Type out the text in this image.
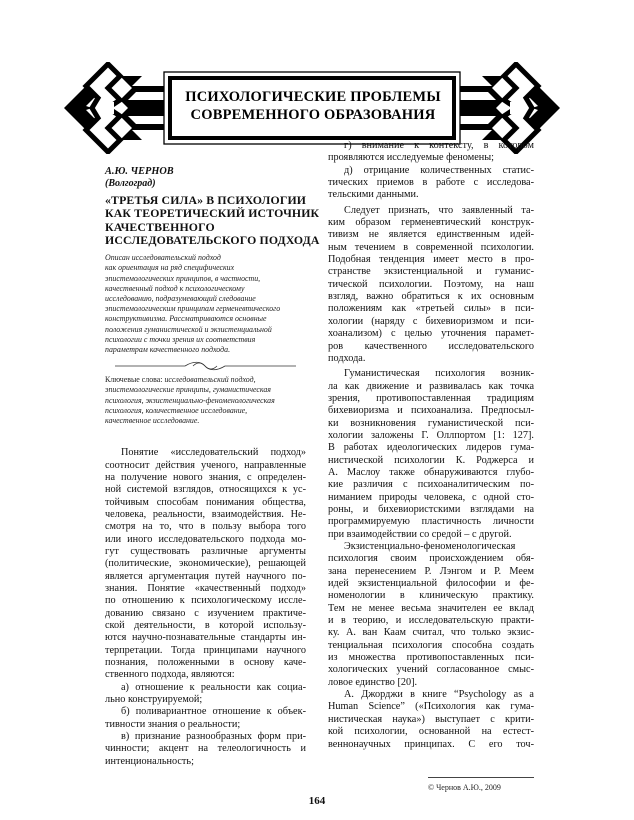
ПСИХОЛОГИЧЕСКИЕ ПРОБЛЕМЫ
СОВРЕМЕННОГО ОБРАЗОВАНИЯ
А.Ю. ЧЕРНОВ
(Волгоград)
«ТРЕТЬЯ СИЛА» В ПСИХОЛОГИИ
КАК ТЕОРЕТИЧЕСКИЙ ИСТОЧНИК
КАЧЕСТВЕННОГО
ИССЛЕДОВАТЕЛЬСКОГО ПОДХОДА
Описан исследовательский подход
как ориентация на ряд специфических
эпистемологических принципов, в частности,
качественный подход к психологическому
исследованию, подразумевающий следование
эпистемологическим принципам герменевтического
конструктивизма. Рассматриваются основные
положения гуманистической и экзистенциальной
психологии с точки зрения их соответствия
параметрам качественного подхода.
Ключевые слова: исследовательский подход,
эпистемологические принципы, гуманистическая
психология, экзистенциально-феноменологическая
психология, количественное исследование,
качественное исследование.
Понятие «исследовательский подход»
соотносит действия ученого, направленные
на получение нового знания, с определен-
ной системой взглядов, относящихся к ус-
тойчивым способам понимания общества,
человека, реальности, взаимодействия. Не-
смотря на то, что в пользу выбора того
или иного исследовательского подхода мо-
гут существовать различные аргументы
(политические, экономические), решающей
является аргументация путей научного по-
знания. Понятие «качественный подход»
по отношению к психологическому иссле-
дованию связано с изучением практиче-
ской деятельности, в которой использу-
ются научно-познавательные стандарты ин-
терпретации. Тогда принципами научного
познания, положенными в основу каче-
ственного подхода, являются:
а) отношение к реальности как социа-
льно конструируемой;
б) поливариантное отношение к объек-
тивности знания о реальности;
в) признание разнообразных форм при-
чинности; акцент на телеологичность и
интенциональность;
г) внимание к контексту, в котором
проявляются исследуемые феномены;
д) отрицание количественных статис-
тических приемов в работе с исследова-
тельскими данными.
Следует признать, что заявленный та-
ким образом герменевтический конструк-
тивизм не является единственным идей-
ным течением в современной психологии.
Подобная тенденция имеет место в про-
странстве экзистенциальной и гуманис-
тической психологии. Поэтому, на наш
взгляд, важно обратиться к их основным
положениям как «третьей силы» в пси-
хологии (наряду с бихевиоризмом и пси-
хоанализом) с целью уточнения парамет-
ров качественного исследовательского
подхода.
Гуманистическая психология возник-
ла как движение и развивалась как точка
зрения, противопоставленная традициям
бихевиоризма и психоанализа. Предпосыл-
ки возникновения гуманистической пси-
хологии заложены Г. Оллпортом [1: 127].
В работах идеологических лидеров гума-
нистической психологии К. Роджерса и
А. Маслоу также обнаруживаются глубо-
кие различия с психоаналитическим по-
ниманием природы человека, с одной сто-
роны, и бихевиористскими взглядами на
программируемую пластичность личности
при взаимодействии со средой – с другой.
Экзистенциально-феноменологическая
психология своим происхождением обя-
зана перенесением Р. Лэнгом и Р. Меем
идей экзистенциальной философии и фе-
номенологии в клиническую практику.
Тем не менее весьма значителен ее вклад
и в теорию, и исследовательскую практи-
ку. А. ван Каам считал, что только экзис-
тенциальная психология способна создать
из множества противопоставленных пси-
хологических учений согласованное смыс-
ловое единство [20].
А. Джорджи в книге “Psychology as a
Human Science” («Психология как гума-
нистическая наука») выступает с крити-
кой психологии, основанной на естест-
веннонаучных принципах. С его точ-
© Чернов А.Ю., 2009
164
